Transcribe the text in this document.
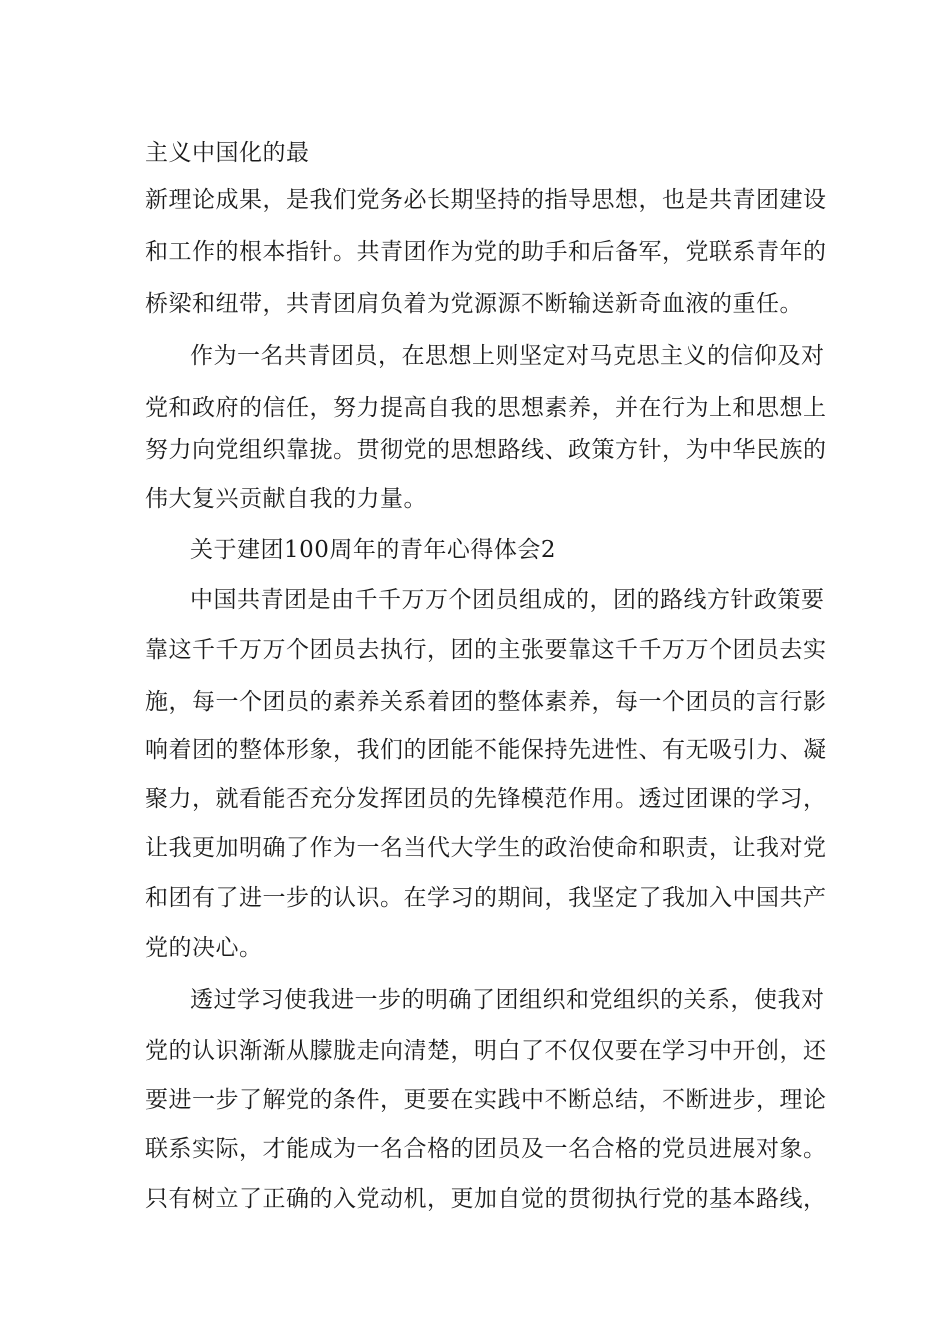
主义中国化的最
新理论成果，是我们党务必长期坚持的指导思想，也是共青团建设
和工作的根本指针。共青团作为党的助手和后备军，党联系青年的
桥梁和纽带，共青团肩负着为党源源不断输送新奇血液的重任。
作为一名共青团员，在思想上则坚定对马克思主义的信仰及对
党和政府的信任，努力提高自我的思想素养，并在行为上和思想上
努力向党组织靠拢。贯彻党的思想路线、政策方针，为中华民族的
伟大复兴贡献自我的力量。
关于建团100周年的青年心得体会2
中国共青团是由千千万万个团员组成的，团的路线方针政策要
靠这千千万万个团员去执行，团的主张要靠这千千万万个团员去实
施，每一个团员的素养关系着团的整体素养，每一个团员的言行影
响着团的整体形象，我们的团能不能保持先进性、有无吸引力、凝
聚力，就看能否充分发挥团员的先锋模范作用。透过团课的学习，
让我更加明确了作为一名当代大学生的政治使命和职责，让我对党
和团有了进一步的认识。在学习的期间，我坚定了我加入中国共产
党的决心。
透过学习使我进一步的明确了团组织和党组织的关系，使我对
党的认识渐渐从朦胧走向清楚，明白了不仅仅要在学习中开创，还
要进一步了解党的条件，更要在实践中不断总结，不断进步，理论
联系实际，才能成为一名合格的团员及一名合格的党员进展对象。
只有树立了正确的入党动机，更加自觉的贯彻执行党的基本路线，
